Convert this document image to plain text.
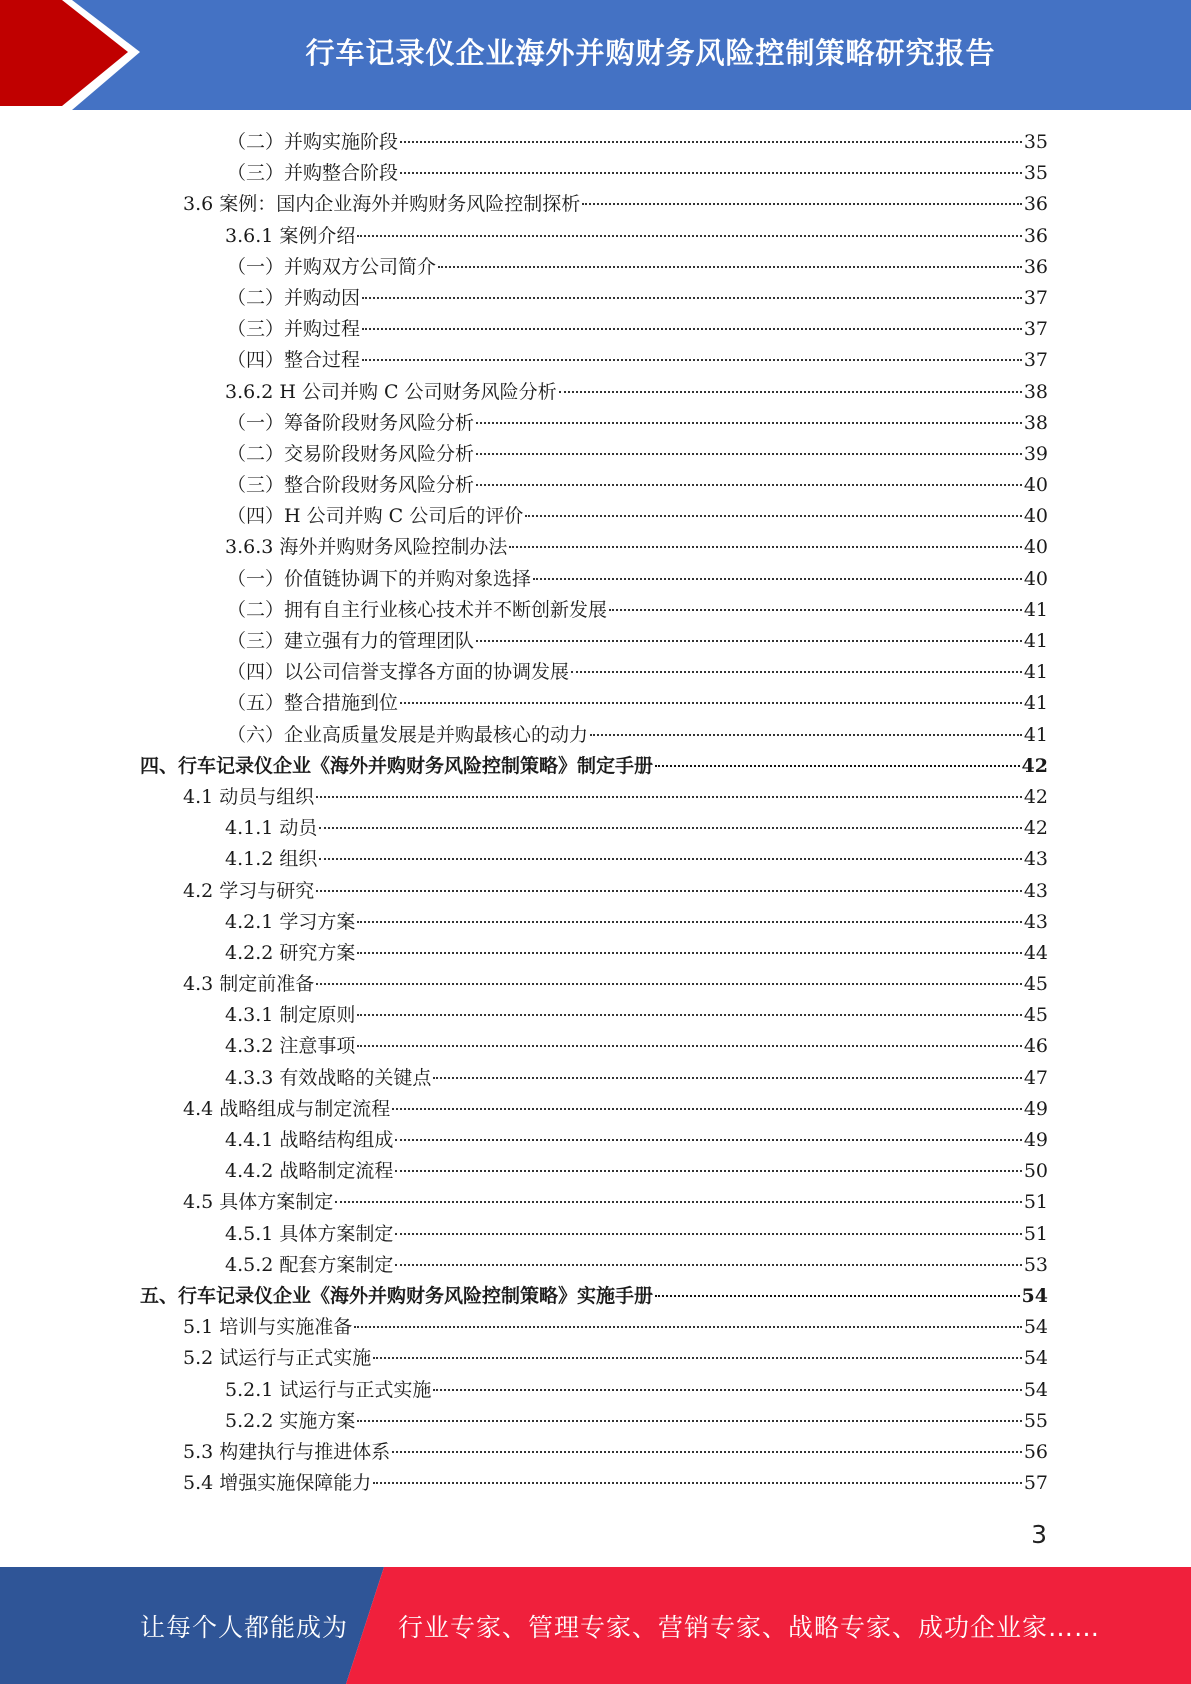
行车记录仪企业海外并购财务风险控制策略研究报告
（二）并购实施阶段	35
（三）并购整合阶段	35
3.6 案例：国内企业海外并购财务风险控制探析	36
3.6.1 案例介绍	36
（一）并购双方公司简介	36
（二）并购动因	37
（三）并购过程	37
（四）整合过程	37
3.6.2 H 公司并购 C 公司财务风险分析	38
（一）筹备阶段财务风险分析	38
（二）交易阶段财务风险分析	39
（三）整合阶段财务风险分析	40
（四）H 公司并购 C 公司后的评价	40
3.6.3 海外并购财务风险控制办法	40
（一）价值链协调下的并购对象选择	40
（二）拥有自主行业核心技术并不断创新发展	41
（三）建立强有力的管理团队	41
（四）以公司信誉支撑各方面的协调发展	41
（五）整合措施到位	41
（六）企业高质量发展是并购最核心的动力	41
四、行车记录仪企业《海外并购财务风险控制策略》制定手册	42
4.1 动员与组织	42
4.1.1 动员	42
4.1.2 组织	43
4.2 学习与研究	43
4.2.1 学习方案	43
4.2.2 研究方案	44
4.3 制定前准备	45
4.3.1 制定原则	45
4.3.2 注意事项	46
4.3.3 有效战略的关键点	47
4.4 战略组成与制定流程	49
4.4.1 战略结构组成	49
4.4.2 战略制定流程	50
4.5 具体方案制定	51
4.5.1 具体方案制定	51
4.5.2 配套方案制定	53
五、行车记录仪企业《海外并购财务风险控制策略》实施手册	54
5.1 培训与实施准备	54
5.2 试运行与正式实施	54
5.2.1 试运行与正式实施	54
5.2.2 实施方案	55
5.3 构建执行与推进体系	56
5.4 增强实施保障能力	57
3
让每个人都能成为 行业专家、管理专家、营销专家、战略专家、成功企业家……
